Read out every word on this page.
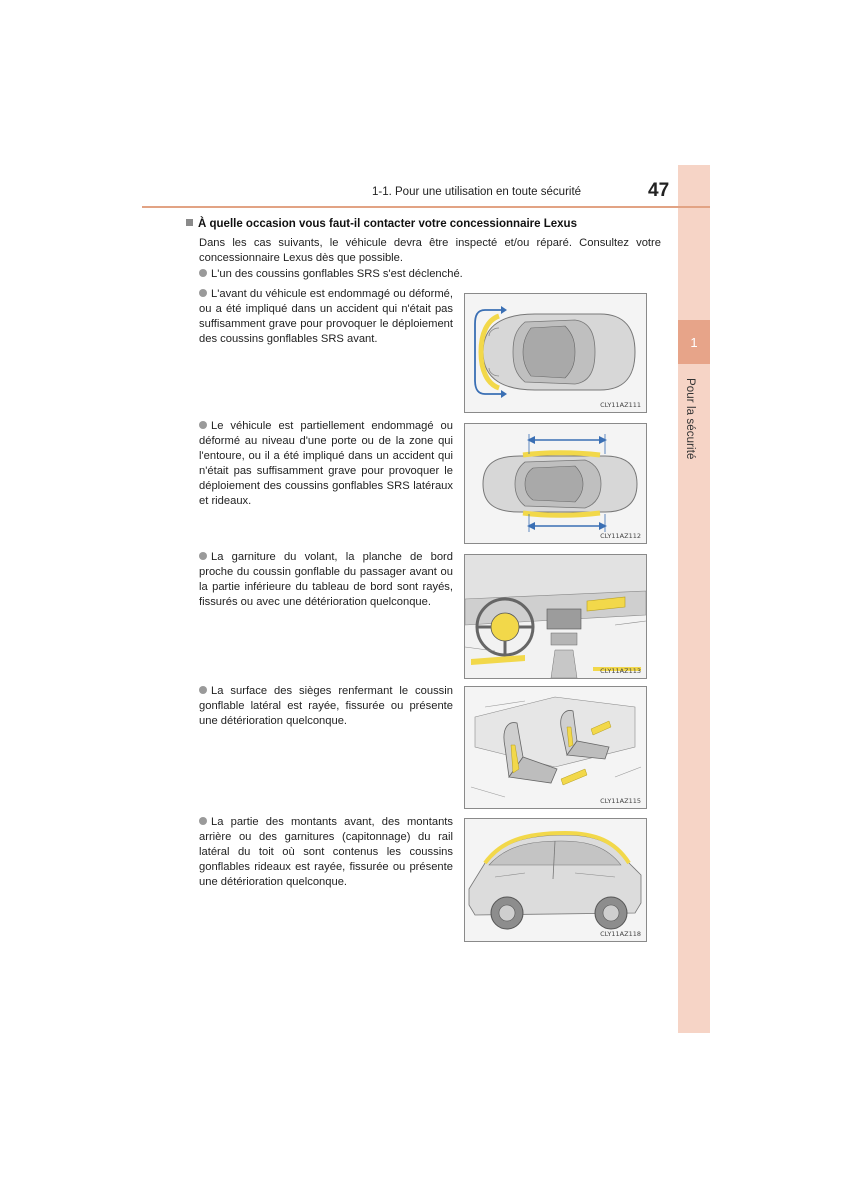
1
Pour la sécurité
1-1. Pour une utilisation en toute sécurité	47
À quelle occasion vous faut-il contacter votre concessionnaire Lexus
Dans les cas suivants, le véhicule devra être inspecté et/ou réparé. Consultez votre concessionnaire Lexus dès que possible.
L'un des coussins gonflables SRS s'est déclenché.
L'avant du véhicule est endommagé ou déformé, ou a été impliqué dans un accident qui n'était pas suffisamment grave pour provoquer le déploiement des coussins gonflables SRS avant.
CLY11AZ111
Le véhicule est partiellement endommagé ou déformé au niveau d'une porte ou de la zone qui l'entoure, ou il a été impliqué dans un accident qui n'était pas suffisamment grave pour provoquer le déploiement des coussins gonflables SRS latéraux et rideaux.
CLY11AZ112
La garniture du volant, la planche de bord proche du coussin gonflable du passager avant ou la partie inférieure du tableau de bord sont rayés, fissurés ou avec une détérioration quelconque.
CLY11AZ113
La surface des sièges renfermant le coussin gonflable latéral est rayée, fissurée ou présente une détérioration quelconque.
CLY11AZ115
La partie des montants avant, des montants arrière ou des garnitures (capitonnage) du rail latéral du toit où sont contenus les coussins gonflables rideaux est rayée, fissurée ou présente une détérioration quelconque.
CLY11AZ118
